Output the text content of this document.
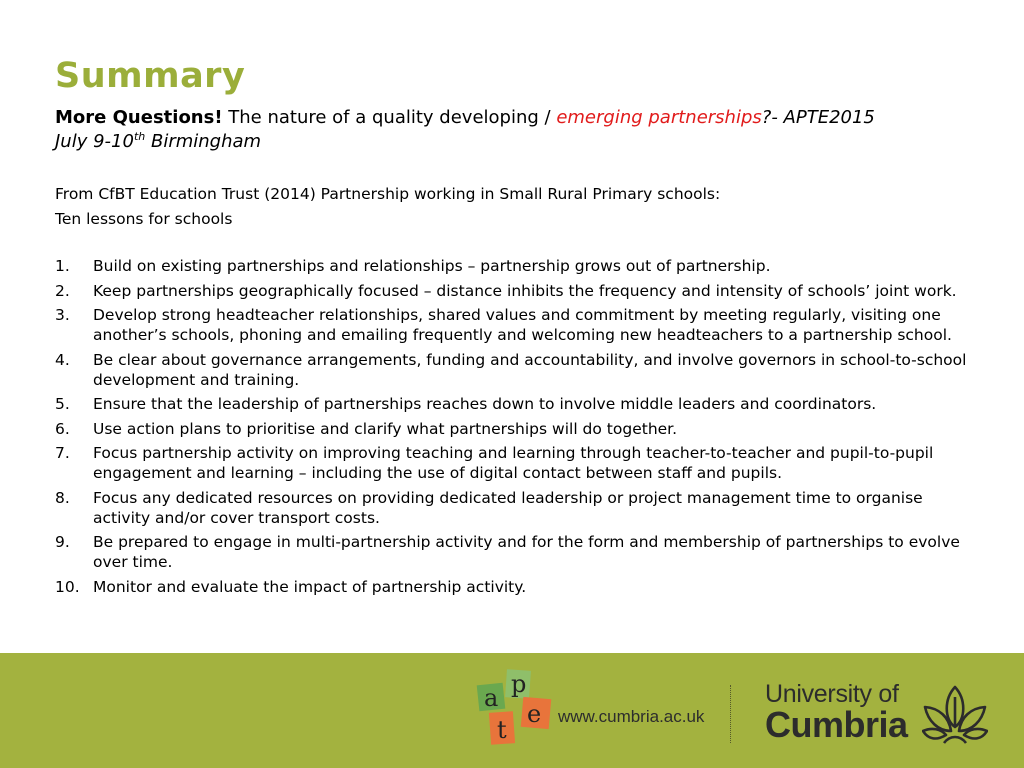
Summary
More Questions! The nature of a quality developing / emerging partnerships?- APTE2015
July 9-10th Birmingham
From CfBT Education Trust (2014) Partnership working in Small Rural Primary schools:
Ten lessons for schools
1. Build on existing partnerships and relationships – partnership grows out of partnership.
2. Keep partnerships geographically focused – distance inhibits the frequency and intensity of schools’ joint work.
3. Develop strong headteacher relationships, shared values and commitment by meeting regularly, visiting one another’s schools, phoning and emailing frequently and welcoming new headteachers to a partnership school.
4. Be clear about governance arrangements, funding and accountability, and involve governors in school-to-school development and training.
5. Ensure that the leadership of partnerships reaches down to involve middle leaders and coordinators.
6. Use action plans to prioritise and clarify what partnerships will do together.
7. Focus partnership activity on improving teaching and learning through teacher-to-teacher and pupil-to-pupil engagement and learning – including the use of digital contact between staff and pupils.
8. Focus any dedicated resources on providing dedicated leadership or project management time to organise activity and/or cover transport costs.
9. Be prepared to engage in multi-partnership activity and for the form and membership of partnerships to evolve over time.
10. Monitor and evaluate the impact of partnership activity.
a p
t
e www.cumbria.ac.uk
University of
Cumbria
